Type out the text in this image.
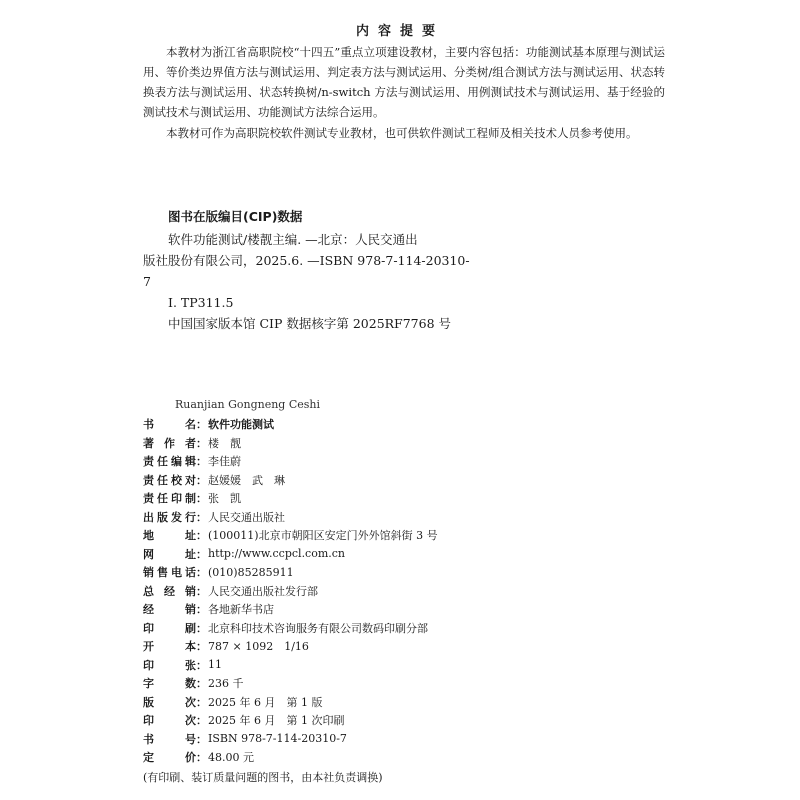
内容提要
本教材为浙江省高职院校“十四五”重点立项建设教材，主要内容包括：功能测试基本原理与测试运用、等价类边界值方法与测试运用、判定表方法与测试运用、分类树/组合测试方法与测试运用、状态转换表方法与测试运用、状态转换树/n-switch 方法与测试运用、用例测试技术与测试运用、基于经验的测试技术与测试运用、功能测试方法综合运用。
本教材可作为高职院校软件测试专业教材，也可供软件测试工程师及相关技术人员参考使用。
图书在版编目(CIP)数据
软件功能测试/楼靓主编. —北京：人民交通出
版社股份有限公司，2025.6. —ISBN 978-7-114-20310-
7
Ⅰ. TP311.5
中国国家版本馆 CIP 数据核字第 2025RF7768 号
Ruanjian Gongneng Ceshi
书	名 ： 软件功能测试
著 作 者 ： 楼　靓
责 任 编 辑 ： 李佳蔚
责 任 校 对 ： 赵媛媛　武　琳
责 任 印 制 ： 张　凯
出 版 发 行 ： 人民交通出版社
地	址 ： (100011)北京市朝阳区安定门外外馆斜街 3 号
网	址 ： http://www.ccpcl.com.cn
销 售 电 话 ： (010)85285911
总 经 销 ： 人民交通出版社发行部
经	销 ： 各地新华书店
印	刷 ： 北京科印技术咨询服务有限公司数码印刷分部
开	本 ： 787 × 1092　1/16
印	张 ： 11
字	数 ： 236 千
版	次 ： 2025 年 6 月　第 1 版
印	次 ： 2025 年 6 月　第 1 次印刷
书	号 ： ISBN 978-7-114-20310-7
定	价 ： 48.00 元
(有印刷、装订质量问题的图书，由本社负责调换)
